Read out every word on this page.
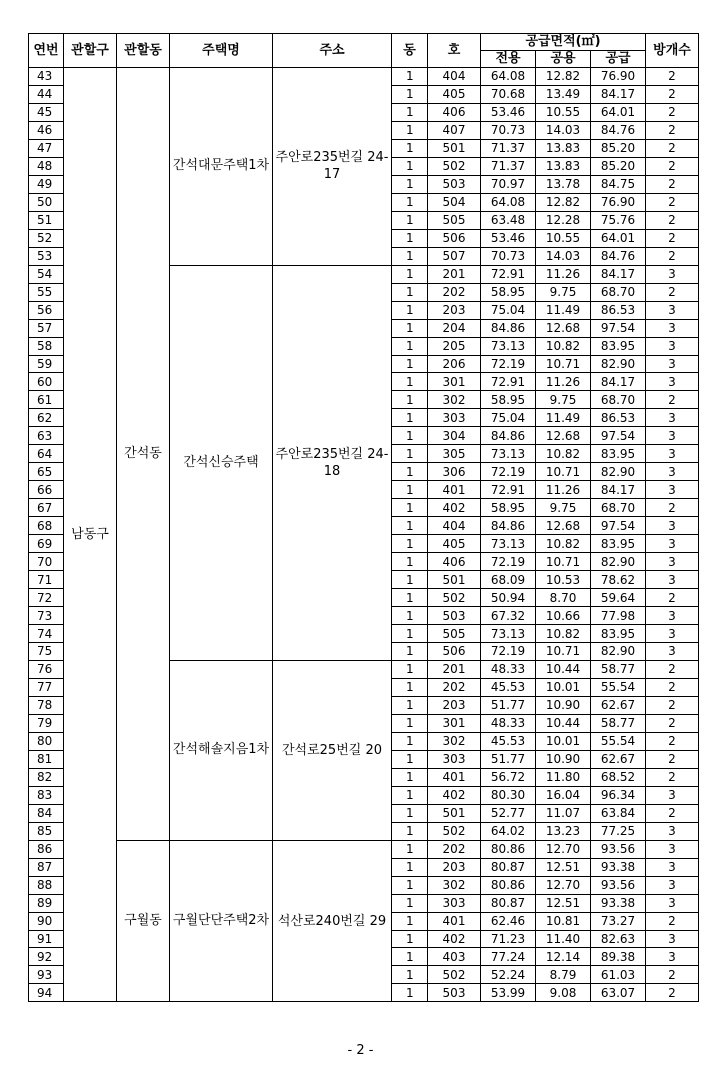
연번	관할구	관할동	주택명	주소	동	호	공급면적(㎡)			방개수
							전용	공용	공급	
43	남동구	간석동	간석대문주택1차	주안로235번길 24-17	1	404	64.08	12.82	76.90	2
44					1	405	70.68	13.49	84.17	2
45					1	406	53.46	10.55	64.01	2
46					1	407	70.73	14.03	84.76	2
47					1	501	71.37	13.83	85.20	2
48					1	502	71.37	13.83	85.20	2
49					1	503	70.97	13.78	84.75	2
50					1	504	64.08	12.82	76.90	2
51					1	505	63.48	12.28	75.76	2
52					1	506	53.46	10.55	64.01	2
53					1	507	70.73	14.03	84.76	2
54			간석신승주택	주안로235번길 24-18	1	201	72.91	11.26	84.17	3
55					1	202	58.95	9.75	68.70	2
56					1	203	75.04	11.49	86.53	3
57					1	204	84.86	12.68	97.54	3
58					1	205	73.13	10.82	83.95	3
59					1	206	72.19	10.71	82.90	3
60					1	301	72.91	11.26	84.17	3
61					1	302	58.95	9.75	68.70	2
62					1	303	75.04	11.49	86.53	3
63					1	304	84.86	12.68	97.54	3
64					1	305	73.13	10.82	83.95	3
65					1	306	72.19	10.71	82.90	3
66					1	401	72.91	11.26	84.17	3
67					1	402	58.95	9.75	68.70	2
68					1	404	84.86	12.68	97.54	3
69					1	405	73.13	10.82	83.95	3
70					1	406	72.19	10.71	82.90	3
71					1	501	68.09	10.53	78.62	3
72					1	502	50.94	8.70	59.64	2
73					1	503	67.32	10.66	77.98	3
74					1	505	73.13	10.82	83.95	3
75					1	506	72.19	10.71	82.90	3
76			간석해솔지음1차	간석로25번길 20	1	201	48.33	10.44	58.77	2
77					1	202	45.53	10.01	55.54	2
78					1	203	51.77	10.90	62.67	2
79					1	301	48.33	10.44	58.77	2
80					1	302	45.53	10.01	55.54	2
81					1	303	51.77	10.90	62.67	2
82					1	401	56.72	11.80	68.52	2
83					1	402	80.30	16.04	96.34	3
84					1	501	52.77	11.07	63.84	2
85					1	502	64.02	13.23	77.25	3
86		구월동	구월단단주택2차	석산로240번길 29	1	202	80.86	12.70	93.56	3
87					1	203	80.87	12.51	93.38	3
88					1	302	80.86	12.70	93.56	3
89					1	303	80.87	12.51	93.38	3
90					1	401	62.46	10.81	73.27	2
91					1	402	71.23	11.40	82.63	3
92					1	403	77.24	12.14	89.38	3
93					1	502	52.24	8.79	61.03	2
94					1	503	53.99	9.08	63.07	2
- 2 -
